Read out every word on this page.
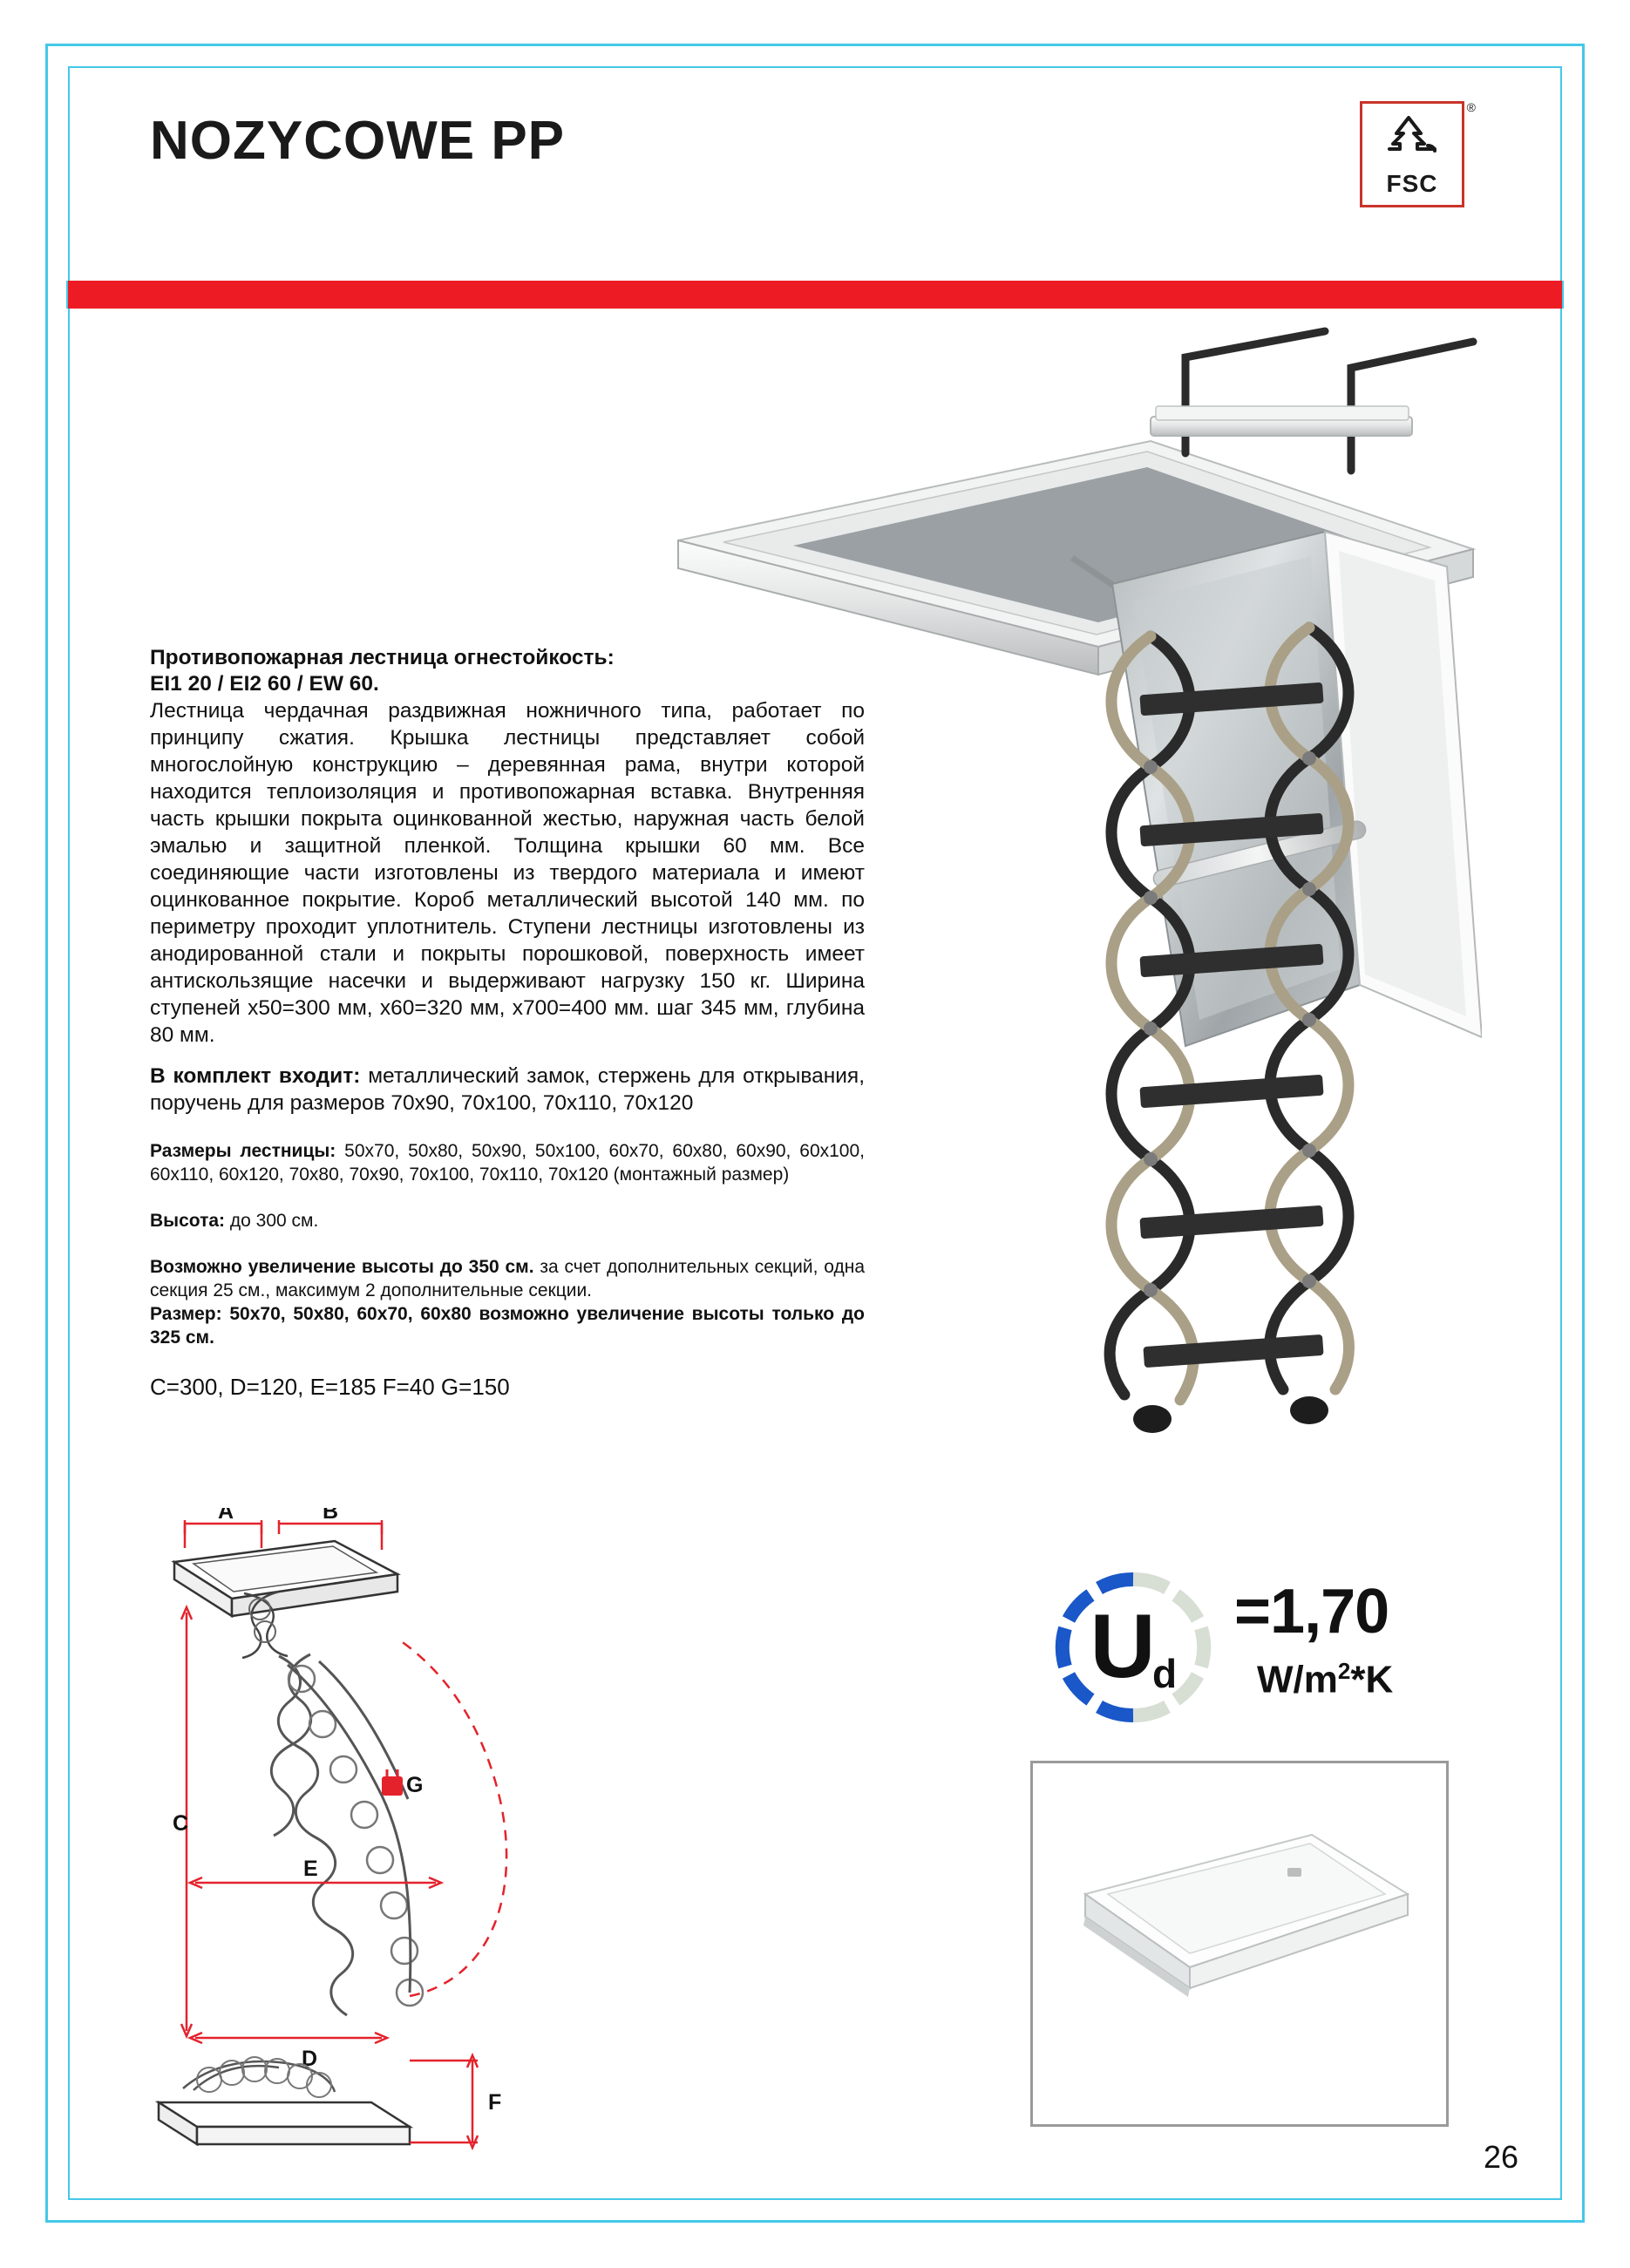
NOZYCOWE PP
®
FSC

Противопожарная лестница огнестойкость:

EI1 20 / EI2 60 / EW 60.

Лестница чердачная раздвижная ножничного типа, работает по принципу сжатия. Крышка лестницы представляет собой многослойную конструкцию – деревянная рама, внутри которой находится теплоизоляция и противопожарная вставка. Внутренняя часть крышки покрыта оцинкованной жестью, наружная часть белой эмалью и защитной пленкой. Толщина крышки 60 мм. Все соединяющие части изготовлены из твердого материала и имеют оцинкованное покрытие. Короб металлический высотой 140 мм. по периметру проходит уплотнитель. Ступени лестницы изготовлены из анодированной стали и покрыты порошковой, поверхность имеет антискользящие насечки и выдерживают нагрузку 150 кг. Ширина ступеней x50=300 мм, x60=320 мм, x700=400 мм. шаг 345 мм, глубина 80 мм.

В комплект входит: металлический замок, стержень для открывания, поручень для размеров 70x90, 70x100, 70x110, 70x120

Размеры лестницы: 50x70, 50x80, 50x90, 50x100, 60x70, 60x80, 60x90, 60x100, 60x110, 60x120, 70x80, 70x90, 70x100, 70x110, 70x120 (монтажный размер)

Высота: до 300 см.

Возможно увеличение высоты до 350 см. за счет дополнительных секций, одна секция 25 см., максимум 2 дополнительные секции.

Размер: 50x70, 50x80, 60x70, 60x80 возможно увеличение высоты только до 325 см.

C=300, D=120, E=185 F=40 G=150

U
d
=1,70
$W/m^2*K$
A	B
C
E
D
G
F
26
